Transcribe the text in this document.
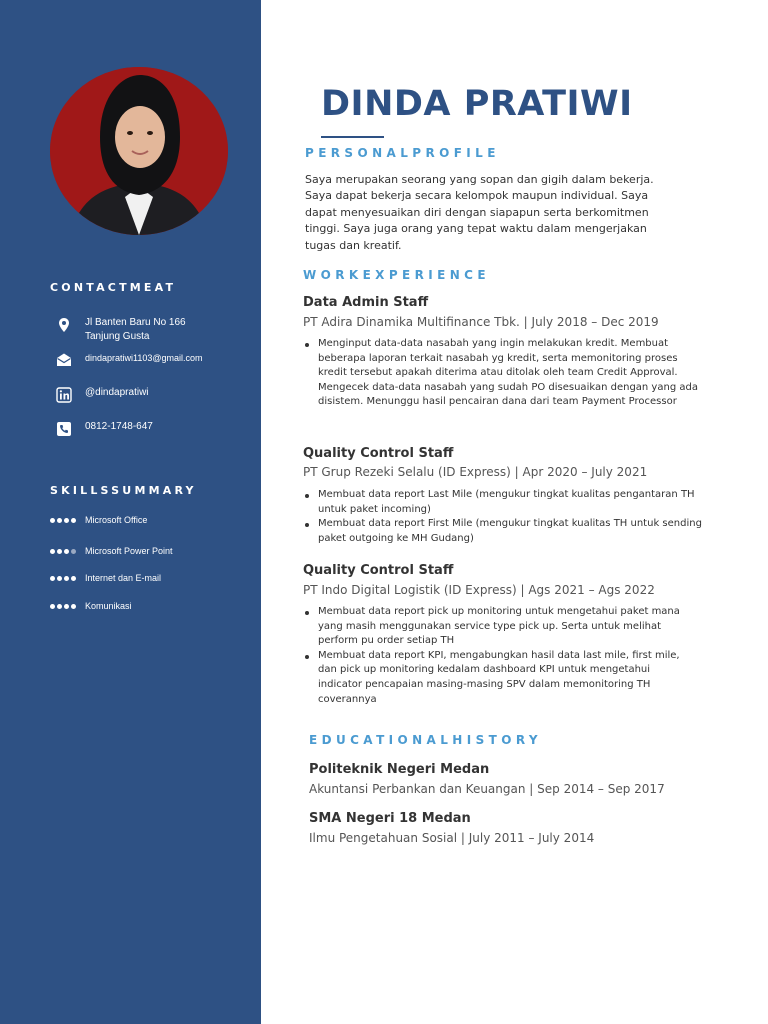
CONTACTMEAT
Jl Banten Baru No 166
Tanjung Gusta
dindapratiwi1103@gmail.com
@dindapratiwi
0812-1748-647
SKILLSSUMMARY
Microsoft Office
Microsoft Power Point
Internet dan E-mail
Komunikasi
DINDA PRATIWI
PERSONALPROFILE
Saya merupakan seorang yang sopan dan gigih dalam bekerja. Saya dapat bekerja secara kelompok maupun individual. Saya dapat menyesuaikan diri dengan siapapun serta berkomitmen tinggi. Saya juga orang yang tepat waktu dalam mengerjakan tugas dan kreatif.
WORKEXPERIENCE
Data Admin Staff
PT Adira Dinamika Multifinance Tbk. | July 2018 – Dec 2019
Menginput data-data nasabah yang ingin melakukan kredit. Membuat beberapa laporan terkait nasabah yg kredit, serta memonitoring proses kredit tersebut apakah diterima atau ditolak oleh team Credit Approval. Mengecek data-data nasabah yang sudah PO disesuaikan dengan yang ada disistem. Menunggu hasil pencairan dana dari team Payment Processor
Quality Control Staff
PT Grup Rezeki Selalu (ID Express) | Apr 2020 – July 2021
Membuat data report Last Mile (mengukur tingkat kualitas pengantaran TH untuk paket incoming)
Membuat data report First Mile (mengukur tingkat kualitas TH untuk sending paket outgoing ke MH Gudang)
Quality Control Staff
PT Indo Digital Logistik (ID Express) | Ags 2021 – Ags 2022
Membuat data report pick up monitoring untuk mengetahui paket mana yang masih menggunakan service type pick up. Serta untuk melihat perform pu order setiap TH
Membuat data report KPI, mengabungkan hasil data last mile, first mile, dan pick up monitoring kedalam dashboard KPI untuk mengetahui indicator pencapaian masing-masing SPV dalam memonitoring TH coverannya
EDUCATIONALHISTORY
Politeknik Negeri Medan
Akuntansi Perbankan dan Keuangan | Sep 2014 – Sep 2017
SMA Negeri 18 Medan
Ilmu Pengetahuan Sosial | July 2011 – July 2014
